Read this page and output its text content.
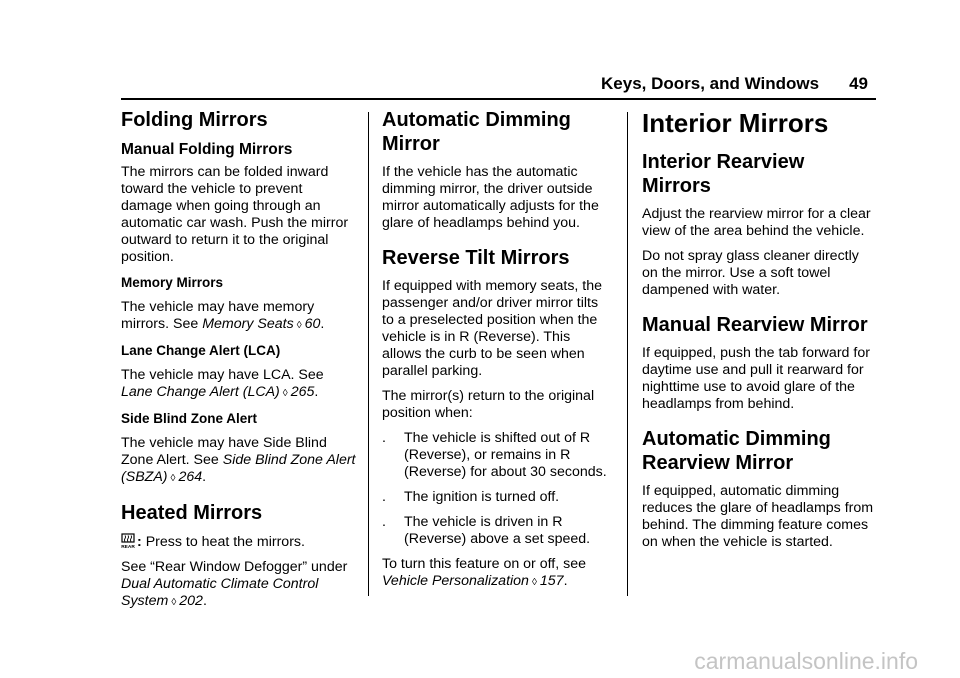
Keys, Doors, and Windows 49
Folding Mirrors
Manual Folding Mirrors

The mirrors can be folded inward toward the vehicle to prevent damage when going through an automatic car wash. Push the mirror outward to return it to the original position.

Memory Mirrors

The vehicle may have memory mirrors. See Memory Seats ◊ 60.

Lane Change Alert (LCA)

The vehicle may have LCA. See Lane Change Alert (LCA) ◊ 265.

Side Blind Zone Alert

The vehicle may have Side Blind Zone Alert. See Side Blind Zone Alert (SBZA) ◊ 264.

Heated Mirrors

REAR : Press to heat the mirrors.

See “Rear Window Defogger” under Dual Automatic Climate Control System ◊ 202.

Automatic Dimming Mirror

If the vehicle has the automatic dimming mirror, the driver outside mirror automatically adjusts for the glare of headlamps behind you.

Reverse Tilt Mirrors

If equipped with memory seats, the passenger and/or driver mirror tilts to a preselected position when the vehicle is in R (Reverse). This allows the curb to be seen when parallel parking.

The mirror(s) return to the original position when:

.	The vehicle is shifted out of R (Reverse), or remains in R (Reverse) for about 30 seconds.
.	The ignition is turned off.
.	The vehicle is driven in R (Reverse) above a set speed.

To turn this feature on or off, see Vehicle Personalization ◊ 157.

Interior Mirrors
Interior Rearview Mirrors

Adjust the rearview mirror for a clear view of the area behind the vehicle.

Do not spray glass cleaner directly on the mirror. Use a soft towel dampened with water.

Manual Rearview Mirror

If equipped, push the tab forward for daytime use and pull it rearward for nighttime use to avoid glare of the headlamps from behind.

Automatic Dimming Rearview Mirror

If equipped, automatic dimming reduces the glare of headlamps from behind. The dimming feature comes on when the vehicle is started.

carmanualsonline.info
